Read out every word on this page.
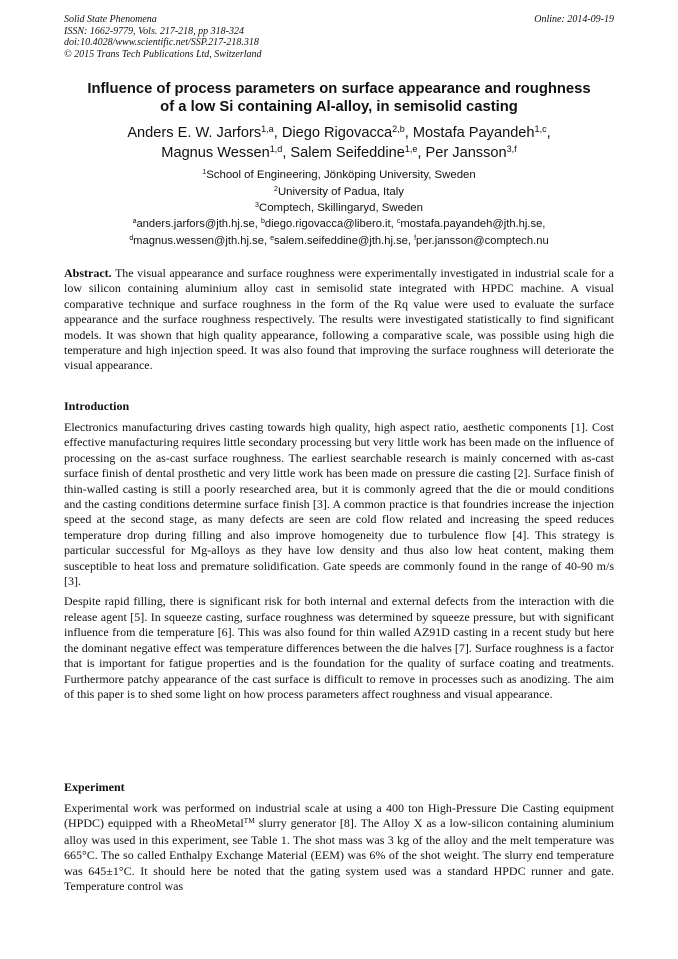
Solid State Phenomena
ISSN: 1662-9779, Vols. 217-218, pp 318-324
doi:10.4028/www.scientific.net/SSP.217-218.318
© 2015 Trans Tech Publications Ltd, Switzerland
Online: 2014-09-19
Influence of process parameters on surface appearance and roughness
of a low Si containing Al-alloy, in semisolid casting
Anders E. W. Jarfors$^{1,a}$, Diego Rigovacca$^{2,b}$, Mostafa Payandeh$^{1,c}$,
Magnus Wessen$^{1,d}$, Salem Seifeddine$^{1,e}$, Per Jansson$^{3,f}$
$^1$School of Engineering, Jönköping University, Sweden
$^2$University of Padua, Italy
$^3$Comptech, Skillingaryd, Sweden
$^a$anders.jarfors@jth.hj.se, $^b$diego.rigovacca@libero.it, $^c$mostafa.payandeh@jth.hj.se,
$^d$magnus.wessen@jth.hj.se, $^e$salem.seifeddine@jth.hj.se, $^f$per.jansson@comptech.nu

Abstract. The visual appearance and surface roughness were experimentally investigated in industrial scale for a low silicon containing aluminium alloy cast in semisolid state integrated with HPDC machine. A visual comparative technique and surface roughness in the form of the Rq value were used to evaluate the surface appearance and the surface roughness respectively. The results were investigated statistically to find significant models. It was shown that high quality appearance, following a comparative scale, was possible using high die temperature and high injection speed. It was also found that improving the surface roughness will deteriorate the visual appearance.

Introduction

Electronics manufacturing drives casting towards high quality, high aspect ratio, aesthetic components [1]. Cost effective manufacturing requires little secondary processing but very little work has been made on the influence of processing on the as-cast surface roughness. The earliest searchable research is mainly concerned with as-cast surface finish of dental prosthetic and very little work has been made on pressure die casting [2]. Surface finish of thin-walled casting is still a poorly researched area, but it is commonly agreed that the die or mould conditions and the casting conditions determine surface finish [3]. A common practice is that foundries increase the injection speed at the second stage, as many defects are seen are cold flow related and increasing the speed reduces temperature drop during filling and also improve homogeneity due to turbulence flow [4]. This strategy is particular successful for Mg-alloys as they have low density and thus also low heat content, making them susceptible to heat loss and premature solidification. Gate speeds are commonly found in the range of 40-90 m/s [3].

Despite rapid filling, there is significant risk for both internal and external defects from the interaction with die release agent [5]. In squeeze casting, surface roughness was determined by squeeze pressure, but with significant influence from die temperature [6]. This was also found for thin walled AZ91D casting in a recent study but here the dominant negative effect was temperature differences between the die halves [7]. Surface roughness is a factor that is important for fatigue properties and is the foundation for the quality of surface coating and treatments. Furthermore patchy appearance of the cast surface is difficult to remove in processes such as anodizing. The aim of this paper is to shed some light on how process parameters affect roughness and visual appearance.

Experiment

Experimental work was performed on industrial scale at using a 400 ton High-Pressure Die Casting equipment (HPDC) equipped with a RheoMetal™ slurry generator [8]. The Alloy X as a low-silicon containing aluminium alloy was used in this experiment, see Table 1. The shot mass was 3 kg of the alloy and the melt temperature was 665°C. The so called Enthalpy Exchange Material (EEM) was 6% of the shot weight. The slurry end temperature was 645±1°C. It should here be noted that the gating system used was a standard HPDC runner and gate. Temperature control was
